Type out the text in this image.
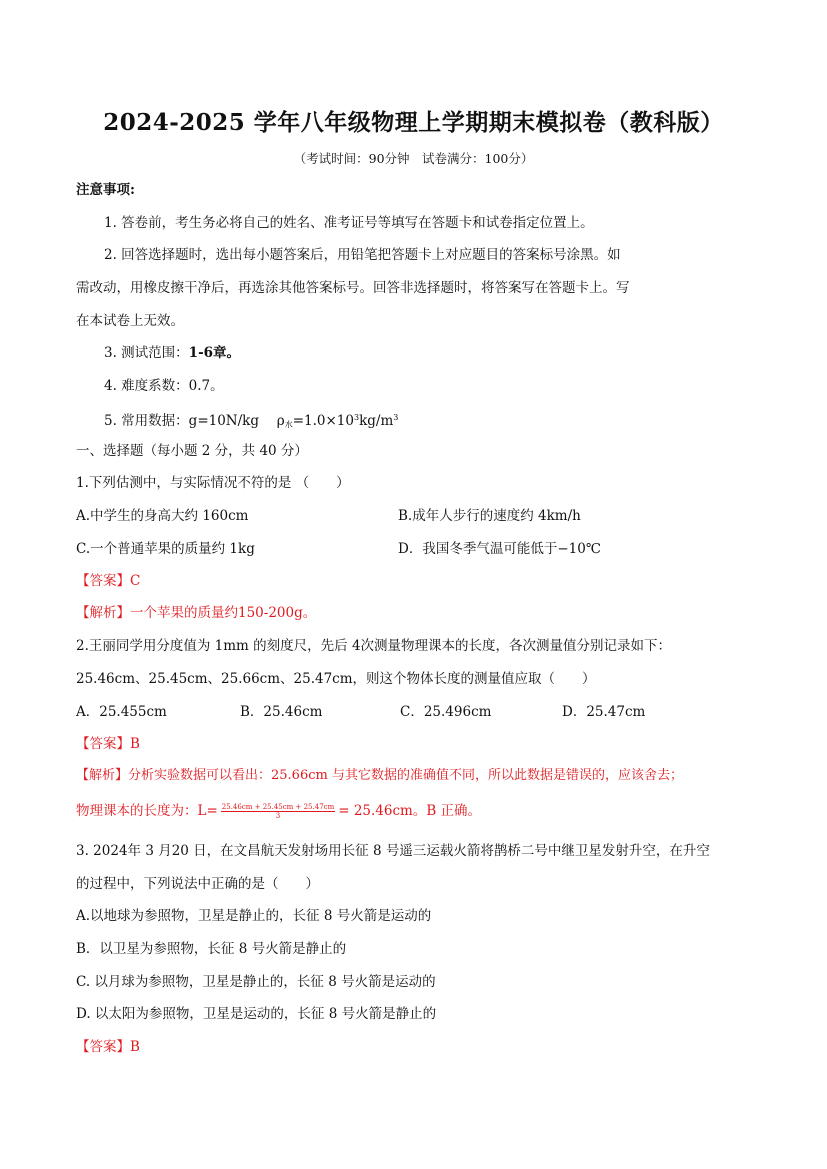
2024-2025 学年八年级物理上学期期末模拟卷（教科版）
（考试时间：90分钟　试卷满分：100分）
注意事项:
1. 答卷前，考生务必将自己的姓名、准考证号等填写在答题卡和试卷指定位置上。
2. 回答选择题时，选出每小题答案后，用铅笔把答题卡上对应题目的答案标号涂黑。如
需改动，用橡皮擦干净后，再选涂其他答案标号。回答非选择题时，将答案写在答题卡上。写
在本试卷上无效。
3. 测试范围：1-6章。
4. 难度系数：0.7。
5. 常用数据：g=10N/kg　 $\rho_水=1.0\times 10^3kg/m^3$
一、选择题（每小题 2 分，共 40 分）
1.下列估测中，与实际情况不符的是 （　　）
A.中学生的身高大约 160cm	B.成年人步行的速度约 4km/h
C.一个普通苹果的质量约 1kg	D．我国冬季气温可能低于−10℃
【答案】C
【解析】一个苹果的质量约150-200g。
2.王丽同学用分度值为 1mm 的刻度尺，先后 4次测量物理课本的长度，各次测量值分别记录如下：
25.46cm、25.45cm、25.66cm、25.47cm，则这个物体长度的测量值应取（　　）
A．25.455cm	B．25.46cm	C．25.496cm	D．25.47cm
【答案】B
【解析】分析实验数据可以看出：25.66cm 与其它数据的准确值不同，所以此数据是错误的，应该舍去；
物理课本的长度为：$L= \frac{25.46cm + 25.45cm + 25.47cm}{3} = 25.46cm$。B 正确。
3. 2024年 3 月20 日，在文昌航天发射场用长征 8 号遥三运载火箭将鹊桥二号中继卫星发射升空，在升空
的过程中，下列说法中正确的是（　　）
A.以地球为参照物，卫星是静止的，长征 8 号火箭是运动的
B．以卫星为参照物，长征 8 号火箭是静止的
C. 以月球为参照物，卫星是静止的，长征 8 号火箭是运动的
D. 以太阳为参照物，卫星是运动的，长征 8 号火箭是静止的
【答案】B
